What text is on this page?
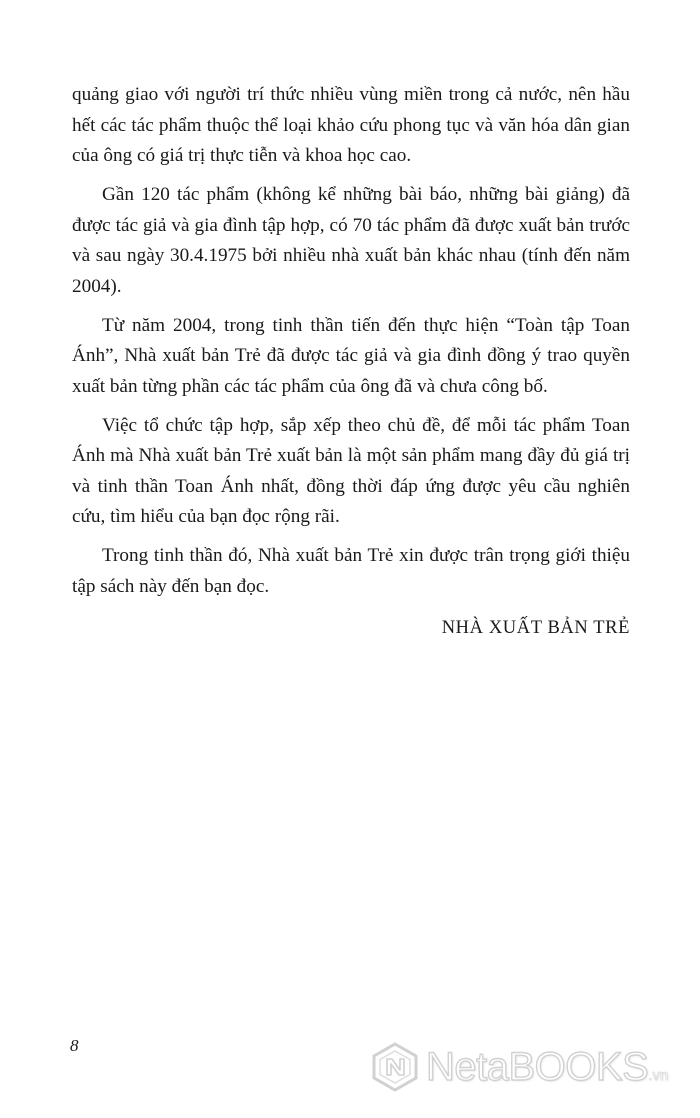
quảng giao với người trí thức nhiều vùng miền trong cả nước, nên hầu hết các tác phẩm thuộc thể loại khảo cứu phong tục và văn hóa dân gian của ông có giá trị thực tiễn và khoa học cao.

Gần 120 tác phẩm (không kể những bài báo, những bài giảng) đã được tác giả và gia đình tập hợp, có 70 tác phẩm đã được xuất bản trước và sau ngày 30.4.1975 bởi nhiều nhà xuất bản khác nhau (tính đến năm 2004).

Từ năm 2004, trong tinh thần tiến đến thực hiện “Toàn tập Toan Ánh”, Nhà xuất bản Trẻ đã được tác giả và gia đình đồng ý trao quyền xuất bản từng phần các tác phẩm của ông đã và chưa công bố.

Việc tổ chức tập hợp, sắp xếp theo chủ đề, để mỗi tác phẩm Toan Ánh mà Nhà xuất bản Trẻ xuất bản là một sản phẩm mang đầy đủ giá trị và tinh thần Toan Ánh nhất, đồng thời đáp ứng được yêu cầu nghiên cứu, tìm hiểu của bạn đọc rộng rãi.

Trong tinh thần đó, Nhà xuất bản Trẻ xin được trân trọng giới thiệu tập sách này đến bạn đọc.

NHÀ XUẤT BẢN TRẺ
8	NetaBOOKS.vn
